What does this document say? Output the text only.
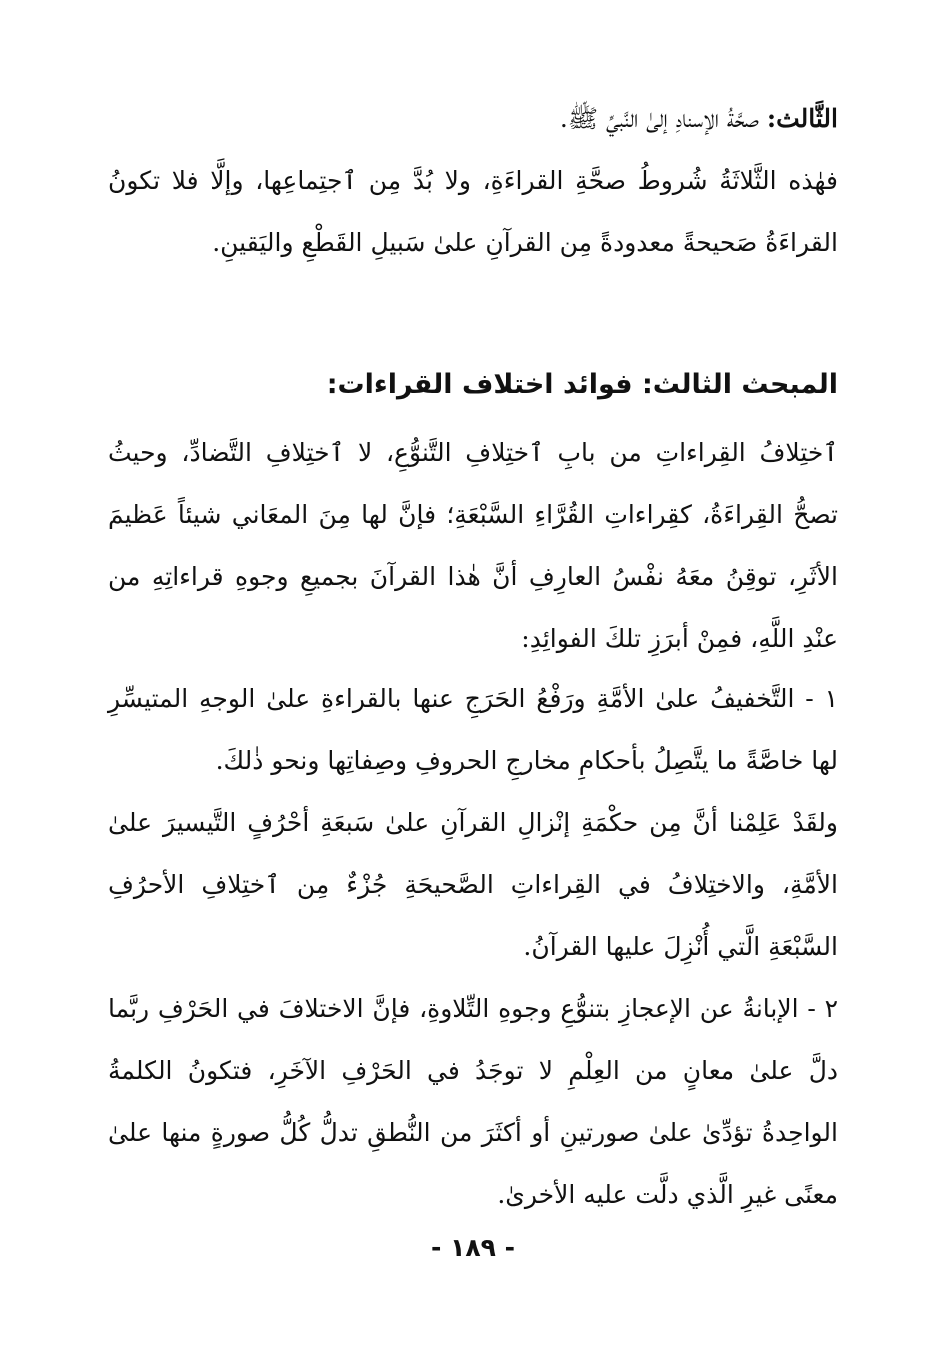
الثَّالث: صحَّةُ الإسنادِ إلىٰ النَّبيِّ ﷺ.

فهٰذه الثَّلاثَةُ شُروطُ صحَّةِ القراءَةِ، ولا بُدَّ مِن ٱجتِماعِها، وإلَّا فلا تكونُ القراءَةُ صَحيحةً معدودةً مِن القرآنِ علىٰ سَبيلِ القَطْعِ واليَقينِ.

المبحث الثالث: فوائد اختلاف القراءات:

ٱختِلافُ القِراءاتِ من بابِ ٱختِلافِ التَّنوُّعِ، لا ٱختِلافِ التَّضادِّ، وحيثُ تصحُّ القِراءَةُ، كقِراءاتِ القُرَّاءِ السَّبْعَةِ؛ فإنَّ لها مِنَ المعَاني شيئاً عَظيمَ الأثَرِ، توقِنُ معَهُ نفْسُ العارِفِ أنَّ هٰذا القرآنَ بجميعِ وجوهِ قراءاتِهِ من عنْدِ اللَّهِ، فمِنْ أبرَزِ تلكَ الفوائِدِ:

١ - التَّخفيفُ علىٰ الأمَّةِ ورَفْعُ الحَرَجِ عنها بالقراءةِ علىٰ الوجهِ المتيسِّرِ لها خاصَّةً ما يتَّصِلُ بأحكامِ مخارجِ الحروفِ وصِفاتِها ونحو ذٰلكَ.

ولقَدْ عَلِمْنا أنَّ مِن حكْمَةِ إنْزالِ القرآنِ علىٰ سَبعَةِ أحْرُفٍ التَّيسيرَ علىٰ الأمَّةِ، والاختِلافُ في القِراءاتِ الصَّحيحَةِ جُزْءٌ مِن ٱختِلافِ الأحرُفِ السَّبْعَةِ الَّتي أُنْزِلَ عليها القرآنُ.

٢ - الإبانةُ عن الإعجازِ بتنوُّعِ وجوهِ التِّلاوةِ، فإنَّ الاختلافَ في الحَرْفِ ربَّما دلَّ علىٰ معانٍ من العِلْمِ لا توجَدُ في الحَرْفِ الآخَرِ، فتكونُ الكلمةُ الواحِدةُ تؤدِّىٰ علىٰ صورتينِ أو أكثَرَ من النُّطقِ تدلُّ كُلُّ صورةٍ منها علىٰ معنًى غيرِ الَّذي دلَّت عليه الأخرىٰ.

- ١٨٩ -
